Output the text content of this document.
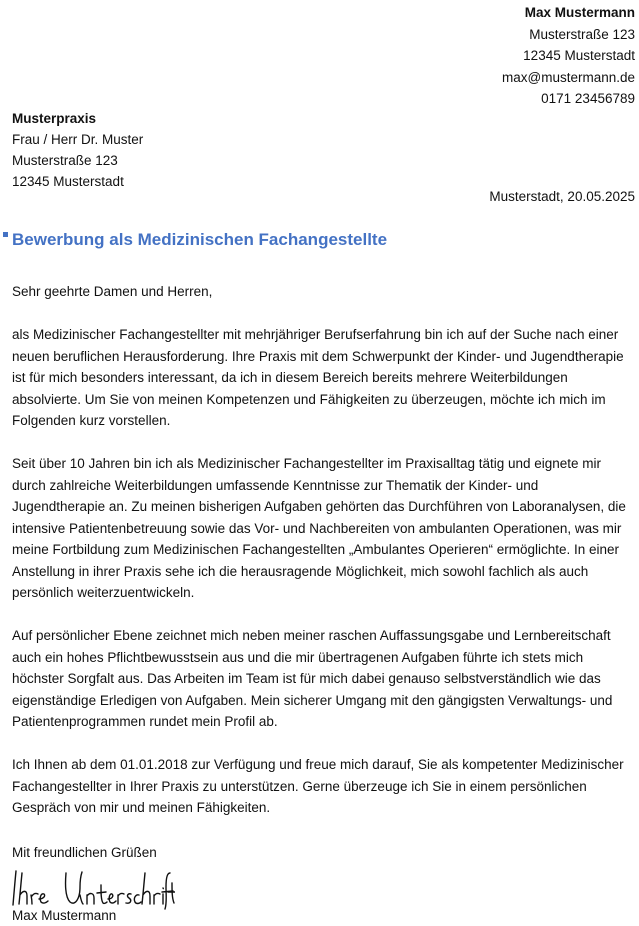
Max Mustermann
Musterstraße 123
12345 Musterstadt
max@mustermann.de
0171 23456789
Musterpraxis
Frau / Herr Dr. Muster
Musterstraße 123
12345 Musterstadt
Musterstadt, 20.05.2025
Bewerbung als Medizinischen Fachangestellte

Sehr geehrte Damen und Herren,

als Medizinischer Fachangestellter mit mehrjähriger Berufserfahrung bin ich auf der Suche nach einer neuen beruflichen Herausforderung. Ihre Praxis mit dem Schwerpunkt der Kinder- und Jugendtherapie ist für mich besonders interessant, da ich in diesem Bereich bereits mehrere Weiterbildungen absolvierte. Um Sie von meinen Kompetenzen und Fähigkeiten zu überzeugen, möchte ich mich im Folgenden kurz vorstellen.

Seit über 10 Jahren bin ich als Medizinischer Fachangestellter im Praxisalltag tätig und eignete mir durch zahlreiche Weiterbildungen umfassende Kenntnisse zur Thematik der Kinder- und Jugendtherapie an. Zu meinen bisherigen Aufgaben gehörten das Durchführen von Laboranalysen, die intensive Patientenbetreuung sowie das Vor- und Nachbereiten von ambulanten Operationen, was mir meine Fortbildung zum Medizinischen Fachangestellten „Ambulantes Operieren“ ermöglichte. In einer Anstellung in ihrer Praxis sehe ich die herausragende Möglichkeit, mich sowohl fachlich als auch persönlich weiterzuentwickeln.

Auf persönlicher Ebene zeichnet mich neben meiner raschen Auffassungsgabe und Lernbereitschaft auch ein hohes Pflichtbewusstsein aus und die mir übertragenen Aufgaben führte ich stets mich höchster Sorgfalt aus. Das Arbeiten im Team ist für mich dabei genauso selbstverständlich wie das eigenständige Erledigen von Aufgaben. Mein sicherer Umgang mit den gängigsten Verwaltungs- und Patientenprogrammen rundet mein Profil ab.

Ich Ihnen ab dem 01.01.2018 zur Verfügung und freue mich darauf, Sie als kompetenter Medizinischer Fachangestellter in Ihrer Praxis zu unterstützen. Gerne überzeuge ich Sie in einem persönlichen Gespräch von mir und meinen Fähigkeiten.

Mit freundlichen Grüßen
Max Mustermann
